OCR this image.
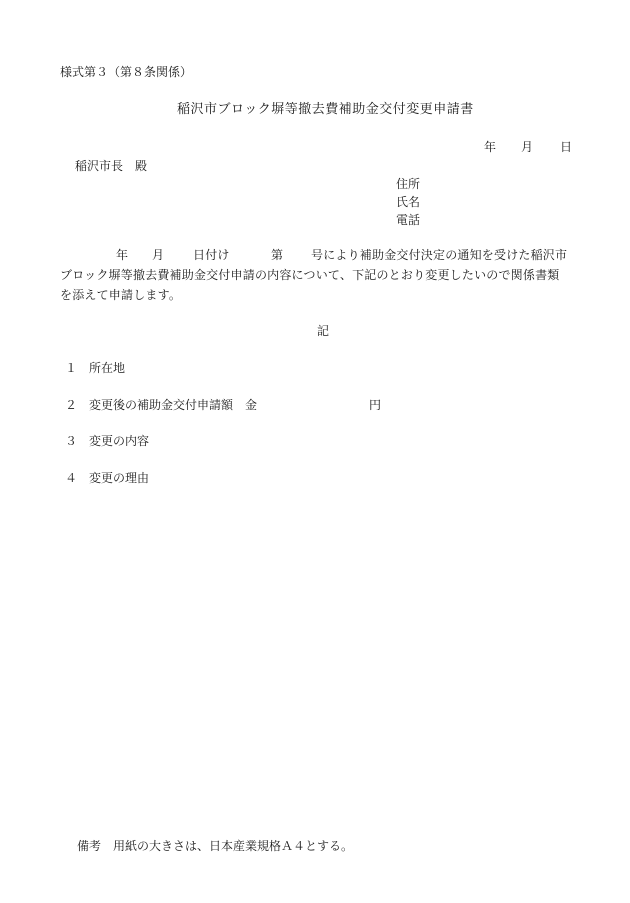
様式第３（第８条関係）
稲沢市ブロック塀等撤去費補助金交付変更申請書
年 月 日
稲沢市長　殿
住所
氏名
電話
年 月 日付け	第 号により補助金交付決定の通知を受けた稲沢市
ブロック塀等撤去費補助金交付申請の内容について、下記のとおり変更したいので関係書類
を添えて申請します。
記
１ 所在地
２ 変更後の補助金交付申請額　金	円
３ 変更の内容
４ 変更の理由
備考　用紙の大きさは、日本産業規格Ａ４とする。
